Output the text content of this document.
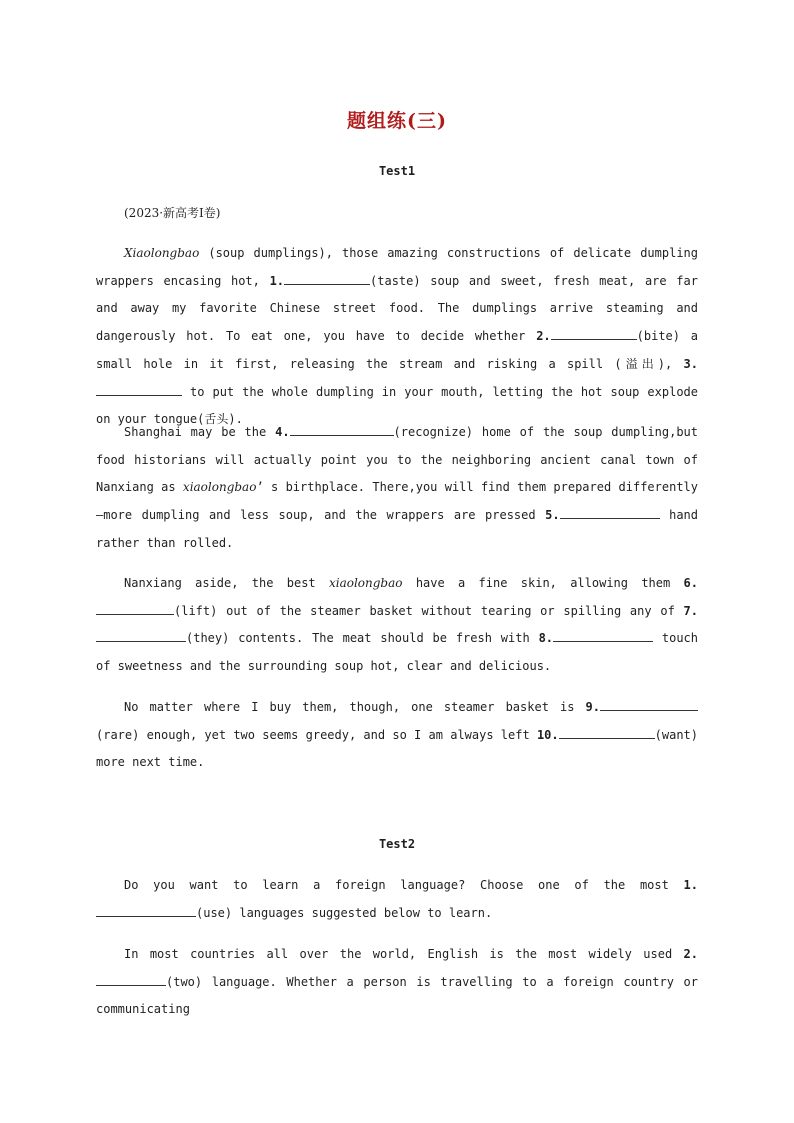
题组练(三)
Test1
(2023·新高考Ⅰ卷)

Xiaolongbao (soup dumplings), those amazing constructions of delicate dumpling wrappers encasing hot, 1.	(taste) soup and sweet, fresh meat, are far and away my favorite Chinese street food. The dumplings arrive steaming and dangerously hot. To eat one, you have to decide whether 2.	(bite) a small hole in it first, releasing the stream and risking a spill (溢出), 3. to put the whole dumpling in your mouth, letting the hot soup explode on your tongue(舌头).

Shanghai may be the 4.	(recognize) home of the soup dumpling,but food historians will actually point you to the neighboring ancient canal town of Nanxiang as xiaolongbao’ s birthplace. There,you will find them prepared differently—more dumpling and less soup, and the wrappers are pressed 5.	hand rather than rolled.

Nanxiang aside, the best xiaolongbao have a fine skin, allowing them 6.(lift) out of the steamer basket without tearing or spilling any of 7.(they) contents. The meat should be fresh with 8.	touch of sweetness and the surrounding soup hot, clear and delicious.

No matter where I buy them, though, one steamer basket is 9.(rare) enough, yet two seems greedy, and so I am always left 10.	(want) more next time.

Test2

Do you want to learn a foreign language? Choose one of the most 1.(use) languages suggested below to learn.

In most countries all over the world, English is the most widely used 2.(two) language. Whether a person is travelling to a foreign country or communicating
